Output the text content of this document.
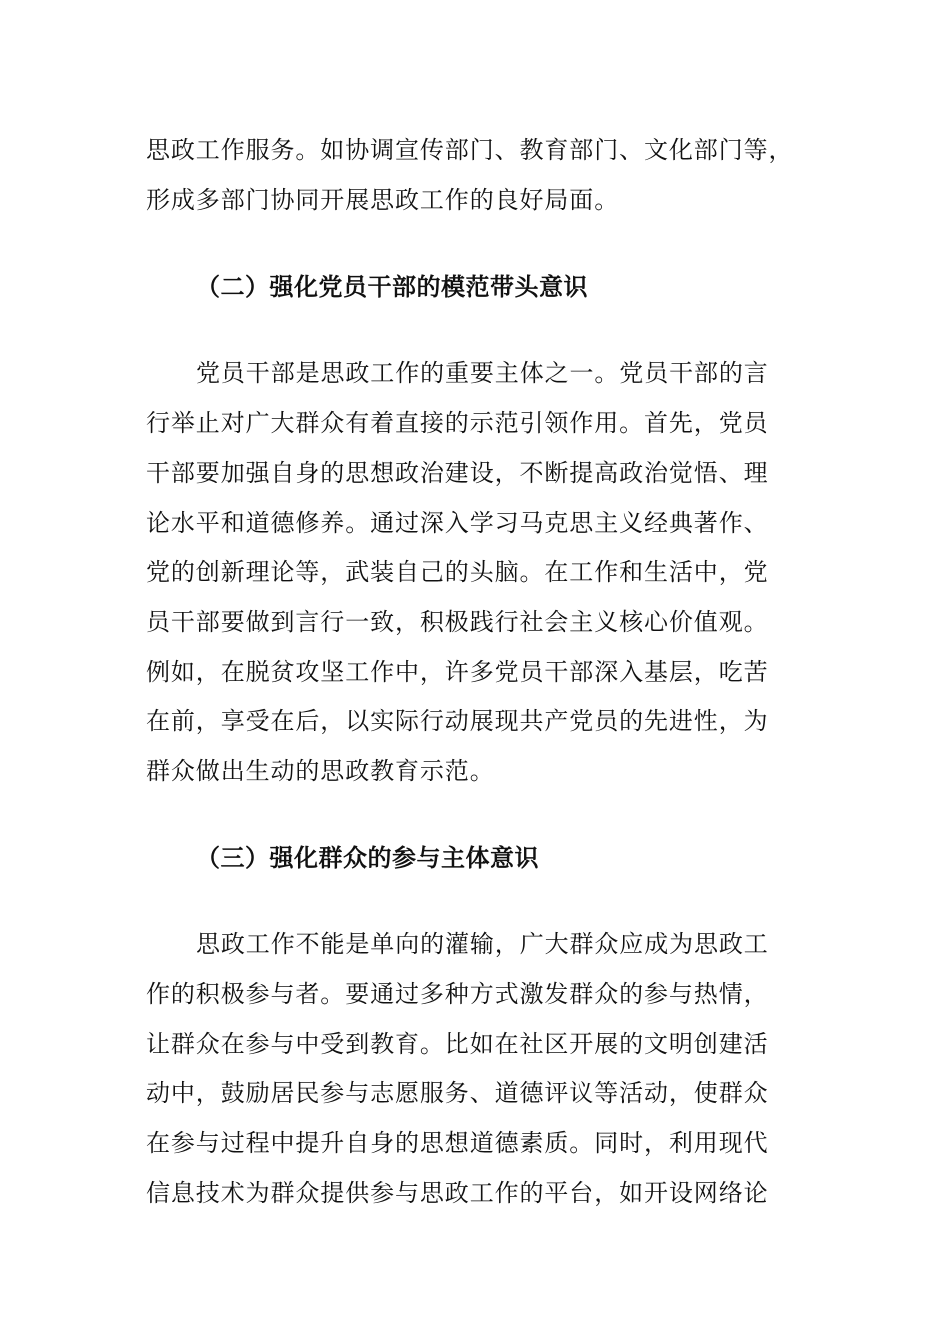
思政工作服务。如协调宣传部门、教育部门、文化部门等，
形成多部门协同开展思政工作的良好局面。
（二）强化党员干部的模范带头意识
党员干部是思政工作的重要主体之一。党员干部的言
行举止对广大群众有着直接的示范引领作用。首先，党员
干部要加强自身的思想政治建设，不断提高政治觉悟、理
论水平和道德修养。通过深入学习马克思主义经典著作、
党的创新理论等，武装自己的头脑。在工作和生活中，党
员干部要做到言行一致，积极践行社会主义核心价值观。
例如，在脱贫攻坚工作中，许多党员干部深入基层，吃苦
在前，享受在后，以实际行动展现共产党员的先进性，为
群众做出生动的思政教育示范。
（三）强化群众的参与主体意识
思政工作不能是单向的灌输，广大群众应成为思政工
作的积极参与者。要通过多种方式激发群众的参与热情，
让群众在参与中受到教育。比如在社区开展的文明创建活
动中，鼓励居民参与志愿服务、道德评议等活动，使群众
在参与过程中提升自身的思想道德素质。同时，利用现代
信息技术为群众提供参与思政工作的平台，如开设网络论
